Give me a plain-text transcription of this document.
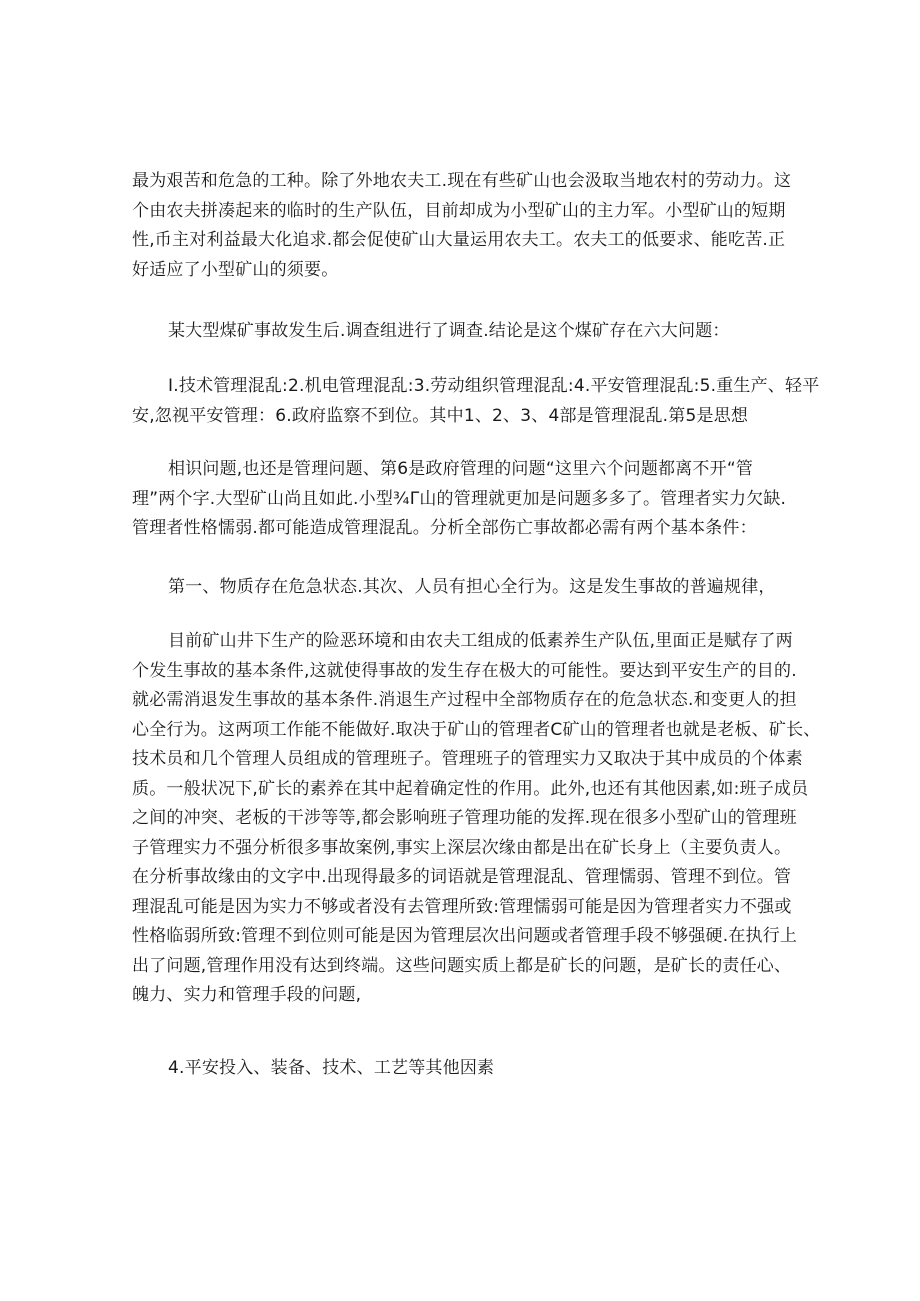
最为艰苦和危急的工种。除了外地农夫工.现在有些矿山也会汲取当地农村的劳动力。这
个由农夫拼凑起来的临时的生产队伍，目前却成为小型矿山的主力军。小型矿山的短期
性,币主对利益最大化追求.都会促使矿山大量运用农夫工。农夫工的低要求、能吃苦.正
好适应了小型矿山的须要。

某大型煤矿事故发生后.调查组进行了调查.结论是这个煤矿存在六大问题：

I.技术管理混乱:2.机电管理混乱:3.劳动组织管理混乱:4.平安管理混乱:5.重生产、轻平
安,忽视平安管理：6.政府监察不到位。其中1、2、3、4部是管理混乱.第5是思想

相识问题,也还是管理问题、第6是政府管理的问题“这里六个问题都离不开“管
理”两个字.大型矿山尚且如此.小型¾Γ山的管理就更加是问题多多了。管理者实力欠缺.
管理者性格懦弱.都可能造成管理混乱。分析全部伤亡事故都必需有两个基本条件：

第一、物质存在危急状态.其次、人员有担心全行为。这是发生事故的普遍规律，

目前矿山井下生产的险恶环境和由农夫工组成的低素养生产队伍,里面正是赋存了两
个发生事故的基本条件,这就使得事故的发生存在极大的可能性。要达到平安生产的目的.
就必需消退发生事故的基本条件.消退生产过程中全部物质存在的危急状态.和变更人的担
心全行为。这两项工作能不能做好.取决于矿山的管理者C矿山的管理者也就是老板、矿长、
技术员和几个管理人员组成的管理班子。管理班子的管理实力又取决于其中成员的个体素
质。一般状况下,矿长的素养在其中起着确定性的作用。此外,也还有其他因素,如:班子成员
之间的冲突、老板的干涉等等,都会影响班子管理功能的发挥.现在很多小型矿山的管理班
子管理实力不强分析很多事故案例,事实上深层次缘由都是出在矿长身上（主要负责人。
在分析事故缘由的文字中.出现得最多的词语就是管理混乱、管理懦弱、管理不到位。管
理混乱可能是因为实力不够或者没有去管理所致:管理懦弱可能是因为管理者实力不强或
性格临弱所致:管理不到位则可能是因为管理层次出问题或者管理手段不够强硬.在执行上
出了问题,管理作用没有达到终端。这些问题实质上都是矿长的问题，是矿长的责任心、
魄力、实力和管理手段的问题,

4.平安投入、装备、技术、工艺等其他因素
